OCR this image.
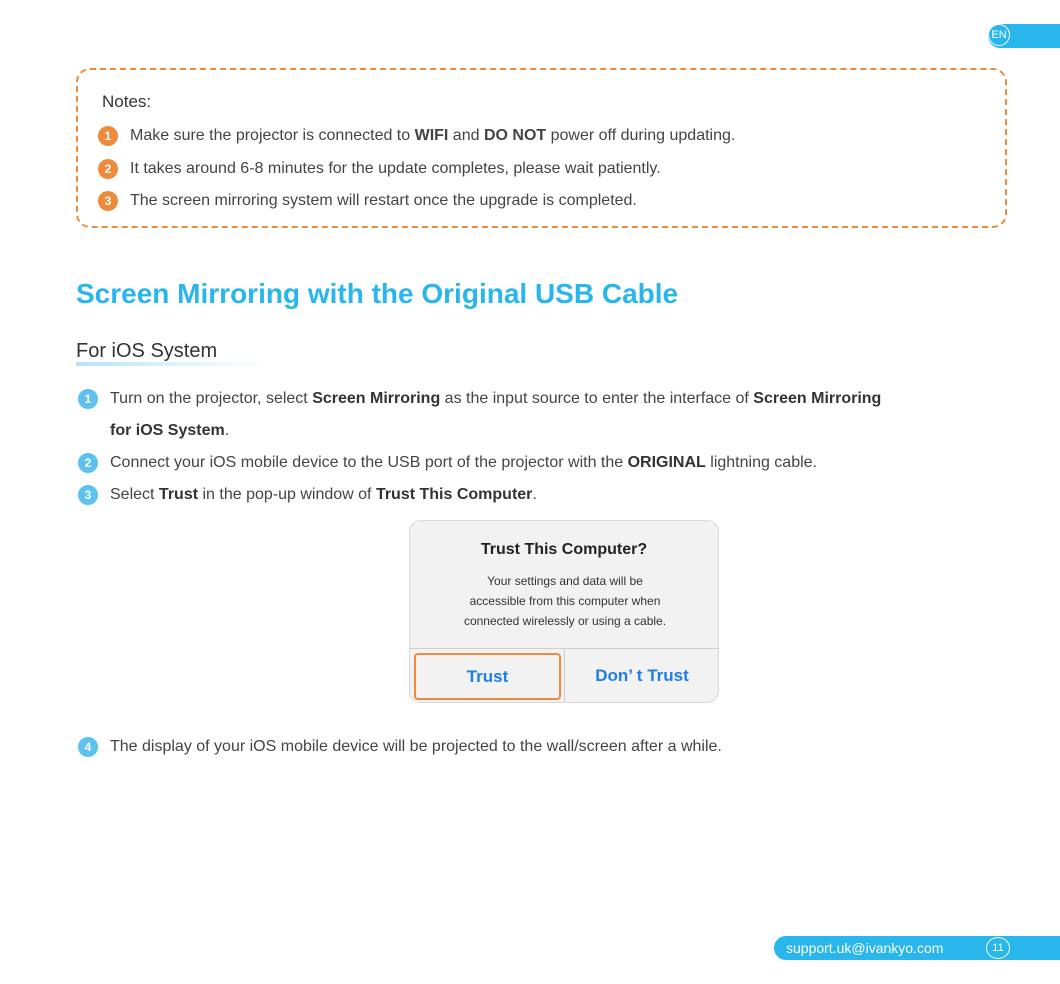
EN
Notes:
1	Make sure the projector is connected to WIFI and DO NOT power off during updating.
2	It takes around 6-8 minutes for the update completes, please wait patiently.
3	The screen mirroring system will restart once the upgrade is completed.
Screen Mirroring with the Original USB Cable
For iOS System
1	Turn on the projector, select Screen Mirroring as the input source to enter the interface of Screen Mirroring
for iOS System.
2	Connect your iOS mobile device to the USB port of the projector with the ORIGINAL lightning cable.
3	Select Trust in the pop-up window of Trust This Computer.
Trust This Computer?
Your settings and data will be
accessible from this computer when
connected wirelessly or using a cable.
Trust	Don’ t Trust
4	The display of your iOS mobile device will be projected to the wall/screen after a while.
support.uk@ivankyo.com	11
